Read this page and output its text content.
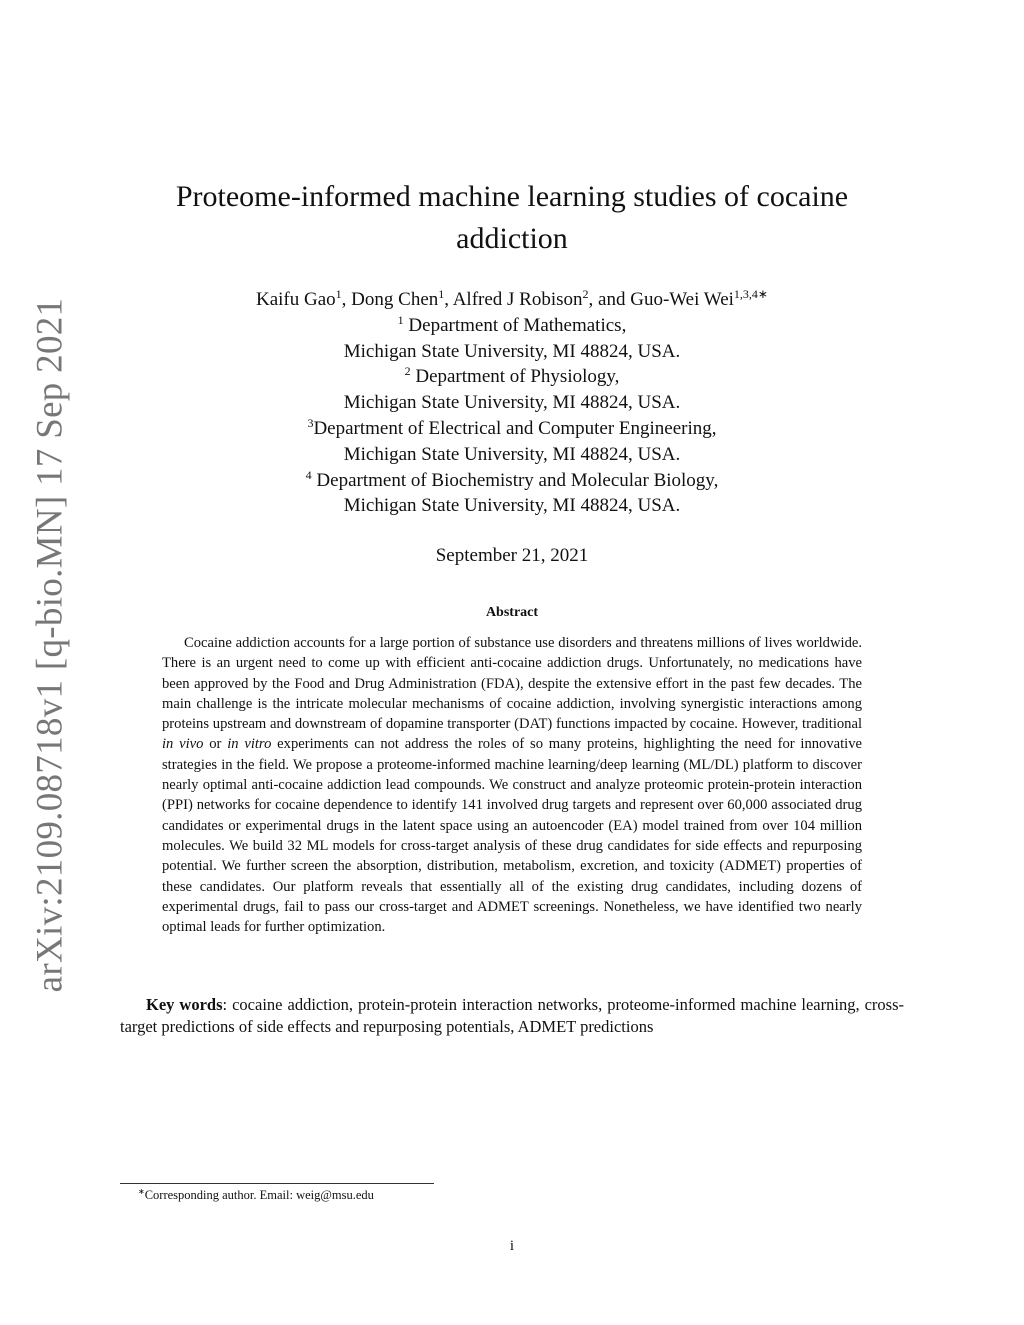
arXiv:2109.08718v1 [q-bio.MN] 17 Sep 2021
Proteome-informed machine learning studies of cocaine
addiction
Kaifu Gao$^1$, Dong Chen$^1$, Alfred J Robison$^2$, and Guo-Wei Wei$^{1,3,4∗}$
$^1$ Department of Mathematics,
Michigan State University, MI 48824, USA.
$^2$ Department of Physiology,
Michigan State University, MI 48824, USA.
$^3$Department of Electrical and Computer Engineering,
Michigan State University, MI 48824, USA.
$^4$ Department of Biochemistry and Molecular Biology,
Michigan State University, MI 48824, USA.
September 21, 2021
Abstract
Cocaine addiction accounts for a large portion of substance use disorders and threatens millions of lives worldwide. There is an urgent need to come up with efficient anti-cocaine addiction drugs. Unfortunately, no medications have been approved by the Food and Drug Administration (FDA), despite the extensive effort in the past few decades. The main challenge is the intricate molecular mechanisms of cocaine addiction, involving synergistic interactions among proteins upstream and downstream of dopamine transporter (DAT) functions impacted by cocaine. However, traditional in vivo or in vitro experiments can not address the roles of so many proteins, highlighting the need for innovative strategies in the field. We propose a proteome-informed machine learning/deep learning (ML/DL) platform to discover nearly optimal anti-cocaine addiction lead compounds. We construct and analyze proteomic protein-protein interaction (PPI) networks for cocaine dependence to identify 141 involved drug targets and represent over 60,000 associated drug candidates or experimental drugs in the latent space using an autoencoder (EA) model trained from over 104 million molecules. We build 32 ML models for cross-target analysis of these drug candidates for side effects and repurposing potential. We further screen the absorption, distribution, metabolism, excretion, and toxicity (ADMET) properties of these candidates. Our platform reveals that essentially all of the existing drug candidates, including dozens of experimental drugs, fail to pass our cross-target and ADMET screenings. Nonetheless, we have identified two nearly optimal leads for further optimization.
Key words: cocaine addiction, protein-protein interaction networks, proteome-informed machine learning, cross-target predictions of side effects and repurposing potentials, ADMET predictions
∗Corresponding author. Email: weig@msu.edu
i
